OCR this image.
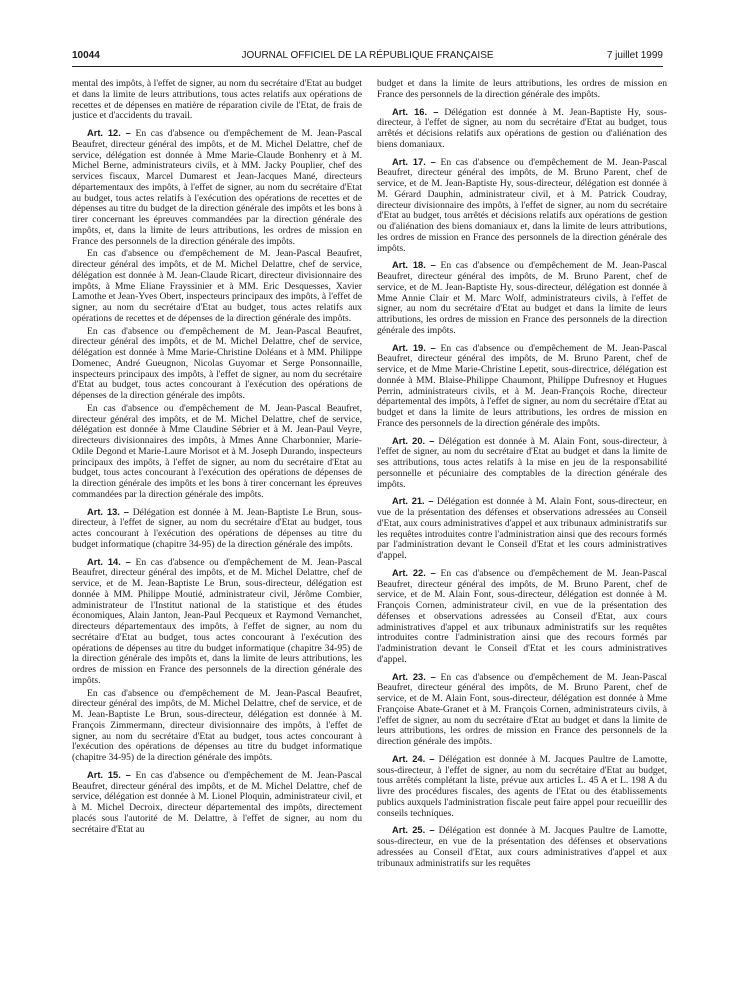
10044	JOURNAL OFFICIEL DE LA RÉPUBLIQUE FRANÇAISE	7 juillet 1999

mental des impôts, à l'effet de signer, au nom du secrétaire d'Etat au budget et dans la limite de leurs attributions, tous actes relatifs aux opérations de recettes et de dépenses en matière de réparation civile de l'Etat, de frais de justice et d'accidents du travail.

Art. 12. – En cas d'absence ou d'empêchement de M. Jean-Pascal Beaufret, directeur général des impôts, et de M. Michel Delattre, chef de service, délégation est donnée à Mme Marie-Claude Bonhenry et à M. Michel Berne, administrateurs civils, et à MM. Jacky Pouplier, chef des services fiscaux, Marcel Dumarest et Jean-Jacques Mané, directeurs départementaux des impôts, à l'effet de signer, au nom du secrétaire d'Etat au budget, tous actes relatifs à l'exécution des opérations de recettes et de dépenses au titre du budget de la direction générale des impôts et les bons à tirer concernant les épreuves commandées par la direction générale des impôts, et, dans la limite de leurs attributions, les ordres de mission en France des personnels de la direction générale des impôts.

En cas d'absence ou d'empêchement de M. Jean-Pascal Beaufret, directeur général des impôts, et de M. Michel Delattre, chef de service, délégation est donnée à M. Jean-Claude Ricart, directeur divisionnaire des impôts, à Mme Eliane Frayssinier et à MM. Eric Desquesses, Xavier Lamothe et Jean-Yves Obert, inspecteurs principaux des impôts, à l'effet de signer, au nom du secrétaire d'Etat au budget, tous actes relatifs aux opérations de recettes et de dépenses de la direction générale des impôts.

En cas d'absence ou d'empêchement de M. Jean-Pascal Beaufret, directeur général des impôts, et de M. Michel Delattre, chef de service, délégation est donnée à Mme Marie-Christine Doléans et à MM. Philippe Domenec, André Gueugnon, Nicolas Guyomar et Serge Ponsonnaille, inspecteurs principaux des impôts, à l'effet de signer, au nom du secrétaire d'Etat au budget, tous actes concourant à l'exécution des opérations de dépenses de la direction générale des impôts.

En cas d'absence ou d'empêchement de M. Jean-Pascal Beaufret, directeur général des impôts, et de M. Michel Delattre, chef de service, délégation est donnée à Mme Claudine Sébrier et à M. Jean-Paul Veyre, directeurs divisionnaires des impôts, à Mmes Anne Charbonnier, Marie-Odile Degond et Marie-Laure Morisot et à M. Joseph Durando, inspecteurs principaux des impôts, à l'effet de signer, au nom du secrétaire d'Etat au budget, tous actes concourant à l'exécution des opérations de dépenses de la direction générale des impôts et les bons à tirer concernant les épreuves commandées par la direction générale des impôts.

Art. 13. – Délégation est donnée à M. Jean-Baptiste Le Brun, sous-directeur, à l'effet de signer, au nom du secrétaire d'Etat au budget, tous actes concourant à l'exécution des opérations de dépenses au titre du budget informatique (chapitre 34-95) de la direction générale des impôts.

Art. 14. – En cas d'absence ou d'empêchement de M. Jean-Pascal Beaufret, directeur général des impôts, et de M. Michel Delattre, chef de service, et de M. Jean-Baptiste Le Brun, sous-directeur, délégation est donnée à MM. Philippe Moutié, administrateur civil, Jérôme Combier, administrateur de l'Institut national de la statistique et des études économiques, Alain Janton, Jean-Paul Pecqueux et Raymond Vernanchet, directeurs départementaux des impôts, à l'effet de signer, au nom du secrétaire d'Etat au budget, tous actes concourant à l'exécution des opérations de dépenses au titre du budget informatique (chapitre 34-95) de la direction générale des impôts et, dans la limite de leurs attributions, les ordres de mission en France des personnels de la direction générale des impôts.

En cas d'absence ou d'empêchement de M. Jean-Pascal Beaufret, directeur général des impôts, de M. Michel Delattre, chef de service, et de M. Jean-Baptiste Le Brun, sous-directeur, délégation est donnée à M. François Zimmermann, directeur divisionnaire des impôts, à l'effet de signer, au nom du secrétaire d'Etat au budget, tous actes concourant à l'exécution des opérations de dépenses au titre du budget informatique (chapitre 34-95) de la direction générale des impôts.

Art. 15. – En cas d'absence ou d'empêchement de M. Jean-Pascal Beaufret, directeur général des impôts, et de M. Michel Delattre, chef de service, délégation est donnée à M. Lionel Ploquin, administrateur civil, et à M. Michel Decroix, directeur départemental des impôts, directement placés sous l'autorité de M. Delattre, à l'effet de signer, au nom du secrétaire d'Etat au

budget et dans la limite de leurs attributions, les ordres de mission en France des personnels de la direction générale des impôts.

Art. 16. – Délégation est donnée à M. Jean-Baptiste Hy, sous-directeur, à l'effet de signer, au nom du secrétaire d'Etat au budget, tous arrêtés et décisions relatifs aux opérations de gestion ou d'aliénation des biens domaniaux.

Art. 17. – En cas d'absence ou d'empêchement de M. Jean-Pascal Beaufret, directeur général des impôts, de M. Bruno Parent, chef de service, et de M. Jean-Baptiste Hy, sous-directeur, délégation est donnée à M. Gérard Dauphin, administrateur civil, et à M. Patrick Coudray, directeur divisionnaire des impôts, à l'effet de signer, au nom du secrétaire d'Etat au budget, tous arrêtés et décisions relatifs aux opérations de gestion ou d'aliénation des biens domaniaux et, dans la limite de leurs attributions, les ordres de mission en France des personnels de la direction générale des impôts.

Art. 18. – En cas d'absence ou d'empêchement de M. Jean-Pascal Beaufret, directeur général des impôts, de M. Bruno Parent, chef de service, et de M. Jean-Baptiste Hy, sous-directeur, délégation est donnée à Mme Annie Clair et M. Marc Wolf, administrateurs civils, à l'effet de signer, au nom du secrétaire d'Etat au budget et dans la limite de leurs attributions, les ordres de mission en France des personnels de la direction générale des impôts.

Art. 19. – En cas d'absence ou d'empêchement de M. Jean-Pascal Beaufret, directeur général des impôts, de M. Bruno Parent, chef de service, et de Mme Marie-Christine Lepetit, sous-directrice, délégation est donnée à MM. Blaise-Philippe Chaumont, Philippe Dufresnoy et Hugues Perrin, administrateurs civils, et à M. Jean-François Roche, directeur départemental des impôts, à l'effet de signer, au nom du secrétaire d'Etat au budget et dans la limite de leurs attributions, les ordres de mission en France des personnels de la direction générale des impôts.

Art. 20. – Délégation est donnée à M. Alain Font, sous-directeur, à l'effet de signer, au nom du secrétaire d'Etat au budget et dans la limite de ses attributions, tous actes relatifs à la mise en jeu de la responsabilité personnelle et pécuniaire des comptables de la direction générale des impôts.

Art. 21. – Délégation est donnée à M. Alain Font, sous-directeur, en vue de la présentation des défenses et observations adressées au Conseil d'Etat, aux cours administratives d'appel et aux tribunaux administratifs sur les requêtes introduites contre l'administration ainsi que des recours formés par l'administration devant le Conseil d'Etat et les cours administratives d'appel.

Art. 22. – En cas d'absence ou d'empêchement de M. Jean-Pascal Beaufret, directeur général des impôts, de M. Bruno Parent, chef de service, et de M. Alain Font, sous-directeur, délégation est donnée à M. François Cornen, administrateur civil, en vue de la présentation des défenses et observations adressées au Conseil d'Etat, aux cours administratives d'appel et aux tribunaux administratifs sur les requêtes introduites contre l'administration ainsi que des recours formés par l'administration devant le Conseil d'Etat et les cours administratives d'appel.

Art. 23. – En cas d'absence ou d'empêchement de M. Jean-Pascal Beaufret, directeur général des impôts, de M. Bruno Parent, chef de service, et de M. Alain Font, sous-directeur, délégation est donnée à Mme Françoise Abate-Granet et à M. François Cornen, administrateurs civils, à l'effet de signer, au nom du secrétaire d'Etat au budget et dans la limite de leurs attributions, les ordres de mission en France des personnels de la direction générale des impôts.

Art. 24. – Délégation est donnée à M. Jacques Paultre de Lamotte, sous-directeur, à l'effet de signer, au nom du secrétaire d'Etat au budget, tous arrêtés complétant la liste, prévue aux articles L. 45 A et L. 198 A du livre des procédures fiscales, des agents de l'Etat ou des établissements publics auxquels l'administration fiscale peut faire appel pour recueillir des conseils techniques.

Art. 25. – Délégation est donnée à M. Jacques Paultre de Lamotte, sous-directeur, en vue de la présentation des défenses et observations adressées au Conseil d'Etat, aux cours administratives d'appel et aux tribunaux administratifs sur les requêtes
